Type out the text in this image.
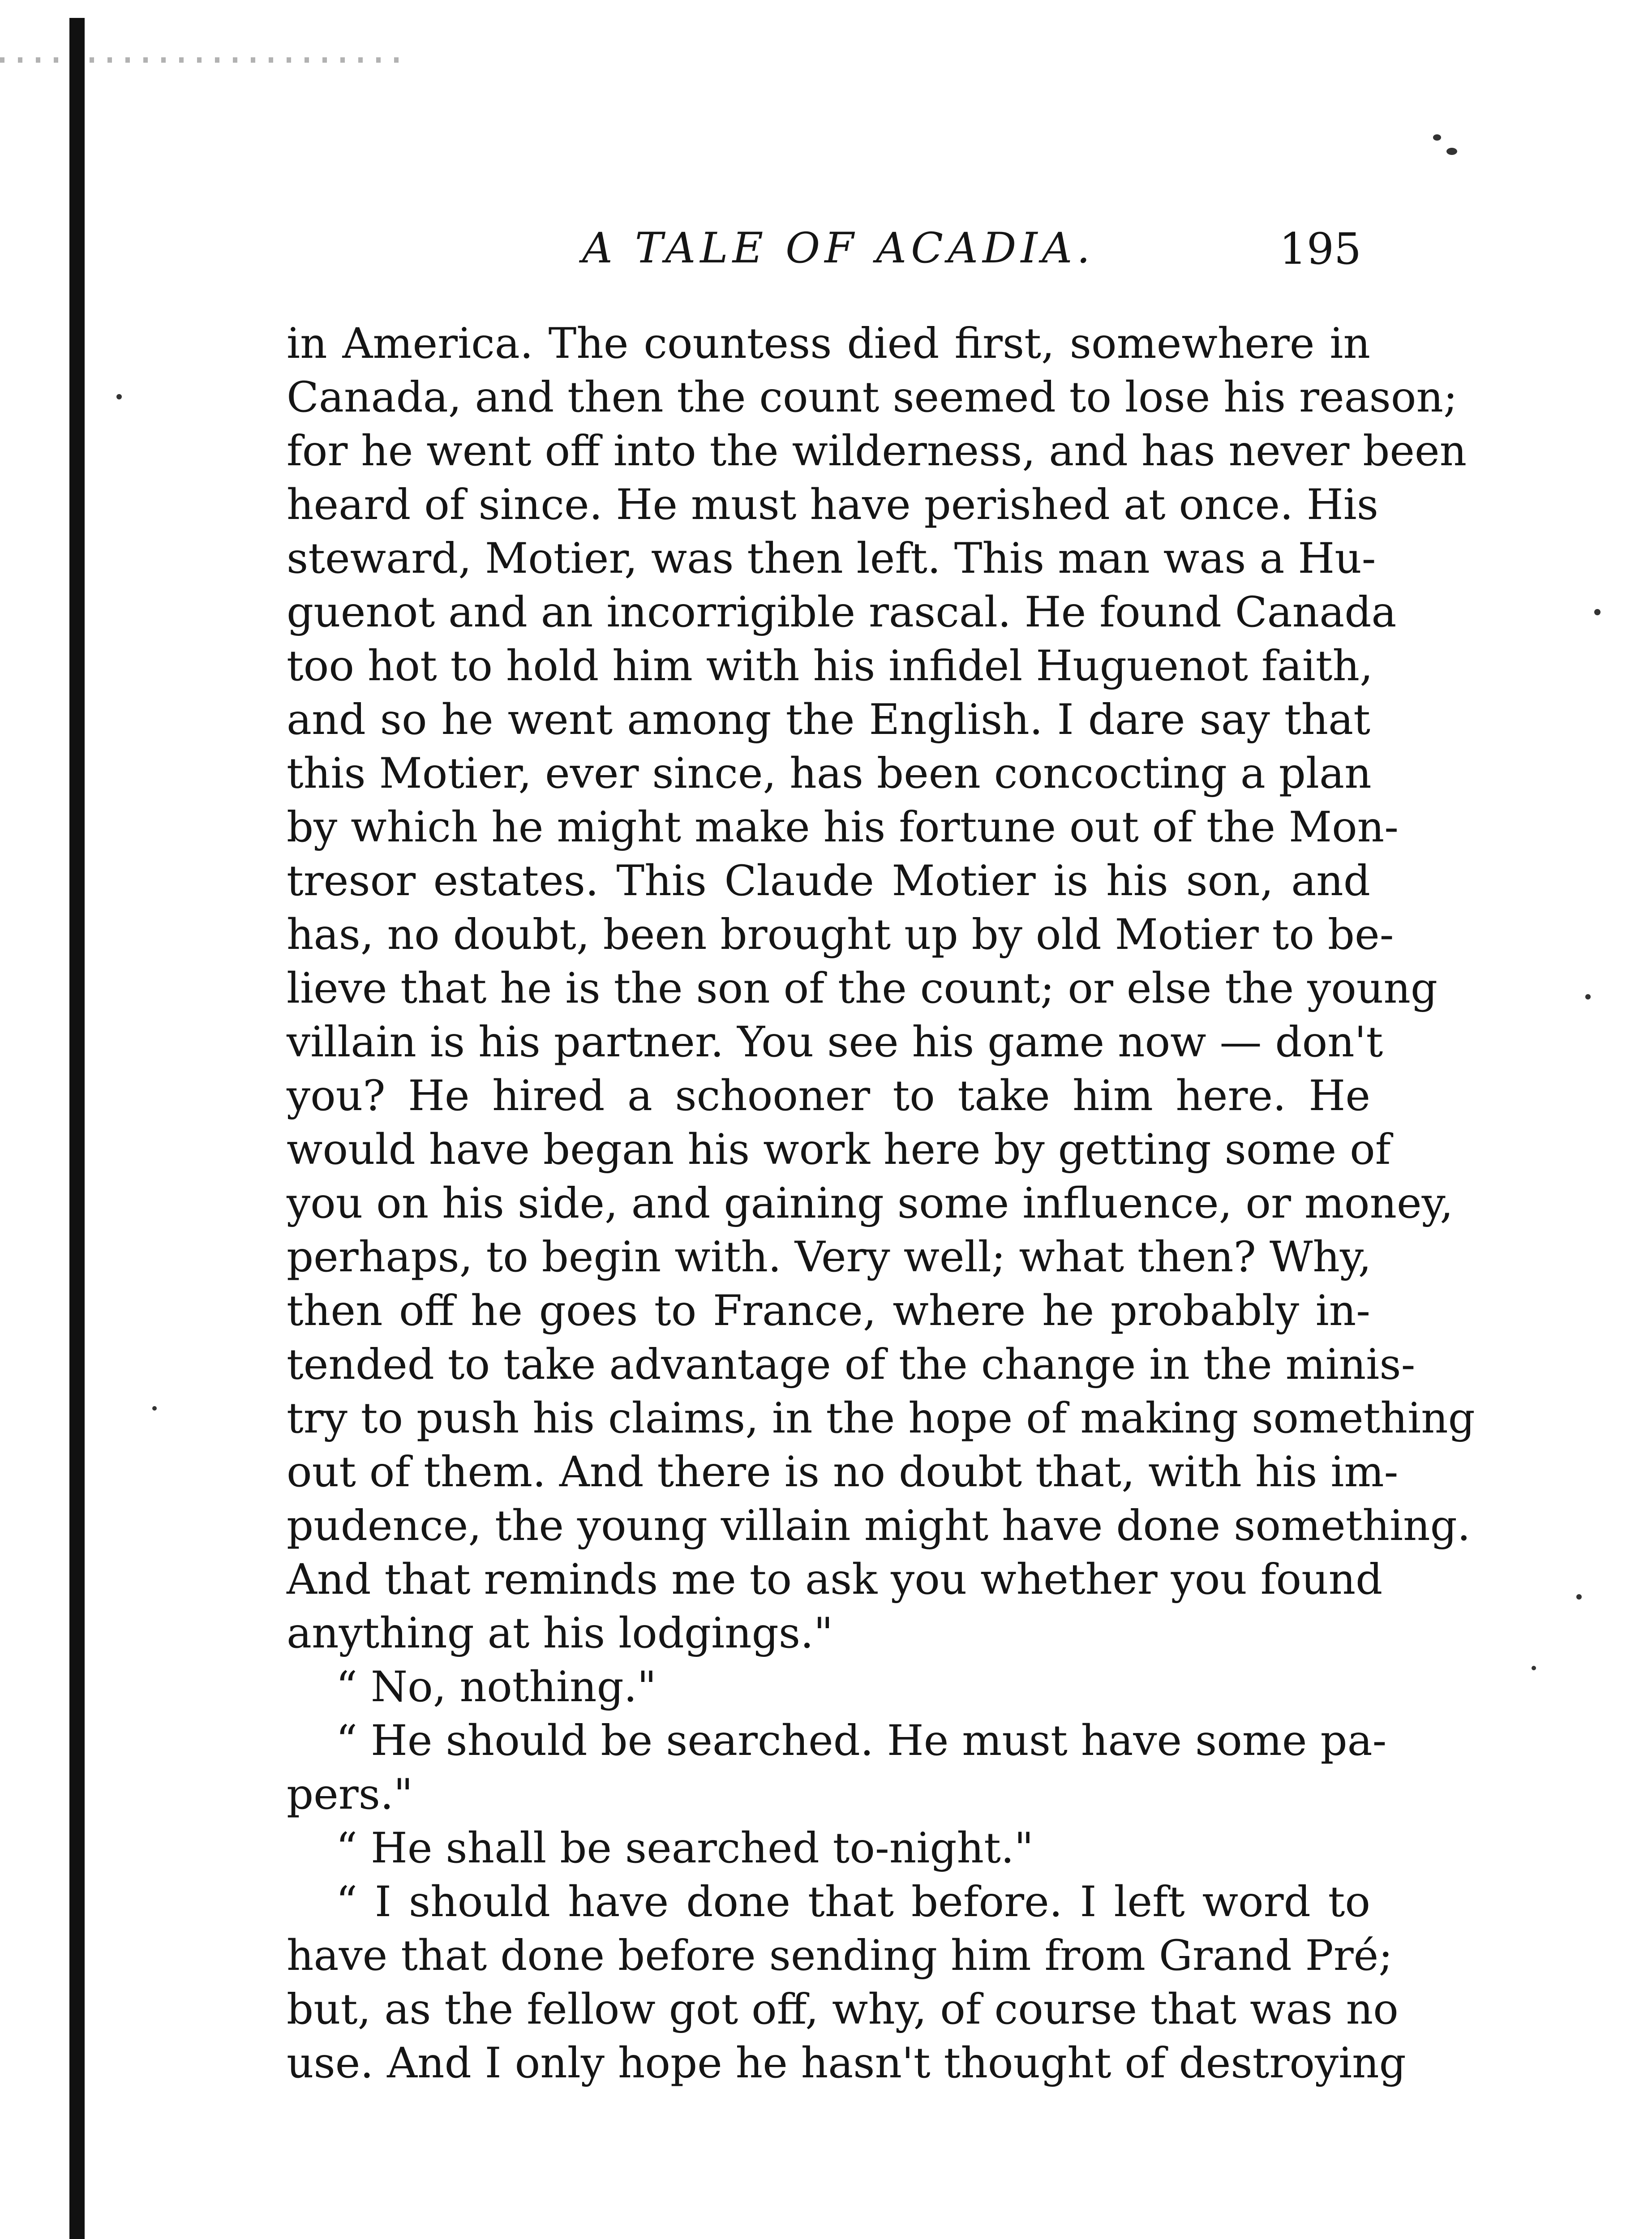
A TALE OF ACADIA.	195
in America. The countess died first, somewhere in
Canada, and then the count seemed to lose his reason;
for he went off into the wilderness, and has never been
heard of since. He must have perished at once. His
steward, Motier, was then left. This man was a Hu-
guenot and an incorrigible rascal. He found Canada
too hot to hold him with his infidel Huguenot faith,
and so he went among the English. I dare say that
this Motier, ever since, has been concocting a plan
by which he might make his fortune out of the Mon-
tresor estates. This Claude Motier is his son, and
has, no doubt, been brought up by old Motier to be-
lieve that he is the son of the count; or else the young
villain is his partner. You see his game now — don't
you? He hired a schooner to take him here. He
would have began his work here by getting some of
you on his side, and gaining some influence, or money,
perhaps, to begin with. Very well; what then? Why,
then off he goes to France, where he probably in-
tended to take advantage of the change in the minis-
try to push his claims, in the hope of making something
out of them. And there is no doubt that, with his im-
pudence, the young villain might have done something.
And that reminds me to ask you whether you found
anything at his lodgings."
“ No, nothing."
“ He should be searched. He must have some pa-
pers."
“ He shall be searched to-night."
“ I should have done that before. I left word to
have that done before sending him from Grand Pré;
but, as the fellow got off, why, of course that was no
use. And I only hope he hasn't thought of destroying
